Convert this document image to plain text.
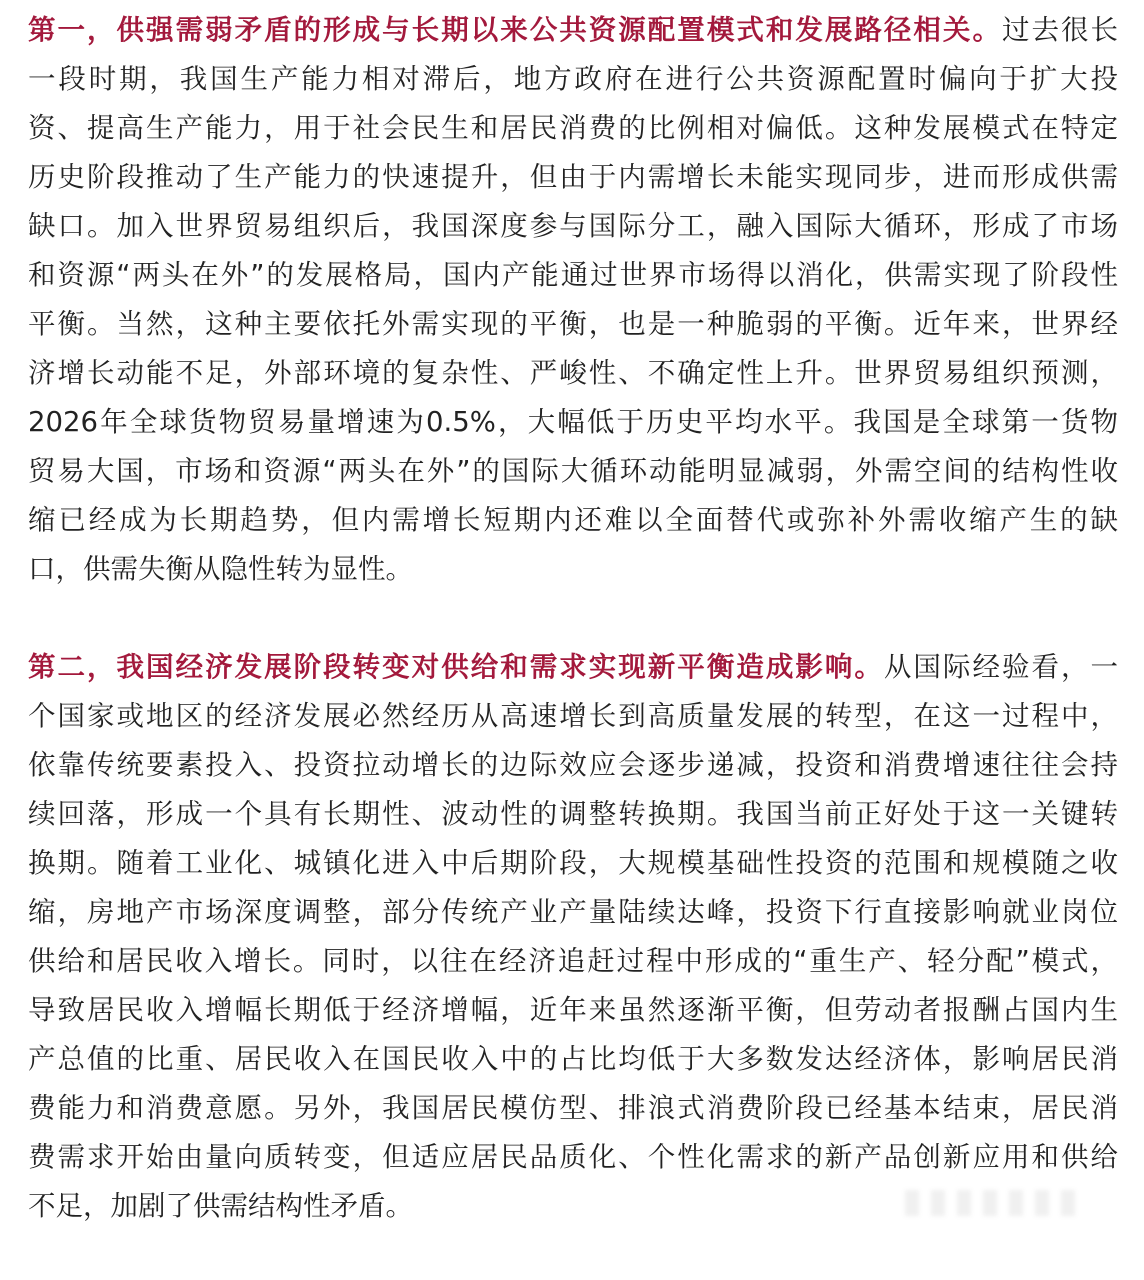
第一，供强需弱矛盾的形成与长期以来公共资源配置模式和发展路径相关。过去很长
一段时期，我国生产能力相对滞后，地方政府在进行公共资源配置时偏向于扩大投
资、提高生产能力，用于社会民生和居民消费的比例相对偏低。这种发展模式在特定
历史阶段推动了生产能力的快速提升，但由于内需增长未能实现同步，进而形成供需
缺口。加入世界贸易组织后，我国深度参与国际分工，融入国际大循环，形成了市场
和资源“两头在外”的发展格局，国内产能通过世界市场得以消化，供需实现了阶段性
平衡。当然，这种主要依托外需实现的平衡，也是一种脆弱的平衡。近年来，世界经
济增长动能不足，外部环境的复杂性、严峻性、不确定性上升。世界贸易组织预测，
2026年全球货物贸易量增速为0.5%，大幅低于历史平均水平。我国是全球第一货物
贸易大国，市场和资源“两头在外”的国际大循环动能明显减弱，外需空间的结构性收
缩已经成为长期趋势，但内需增长短期内还难以全面替代或弥补外需收缩产生的缺
口，供需失衡从隐性转为显性。
第二，我国经济发展阶段转变对供给和需求实现新平衡造成影响。从国际经验看，一
个国家或地区的经济发展必然经历从高速增长到高质量发展的转型，在这一过程中，
依靠传统要素投入、投资拉动增长的边际效应会逐步递减，投资和消费增速往往会持
续回落，形成一个具有长期性、波动性的调整转换期。我国当前正好处于这一关键转
换期。随着工业化、城镇化进入中后期阶段，大规模基础性投资的范围和规模随之收
缩，房地产市场深度调整，部分传统产业产量陆续达峰，投资下行直接影响就业岗位
供给和居民收入增长。同时，以往在经济追赶过程中形成的“重生产、轻分配”模式，
导致居民收入增幅长期低于经济增幅，近年来虽然逐渐平衡，但劳动者报酬占国内生
产总值的比重、居民收入在国民收入中的占比均低于大多数发达经济体，影响居民消
费能力和消费意愿。另外，我国居民模仿型、排浪式消费阶段已经基本结束，居民消
费需求开始由量向质转变，但适应居民品质化、个性化需求的新产品创新应用和供给
不足，加剧了供需结构性矛盾。
